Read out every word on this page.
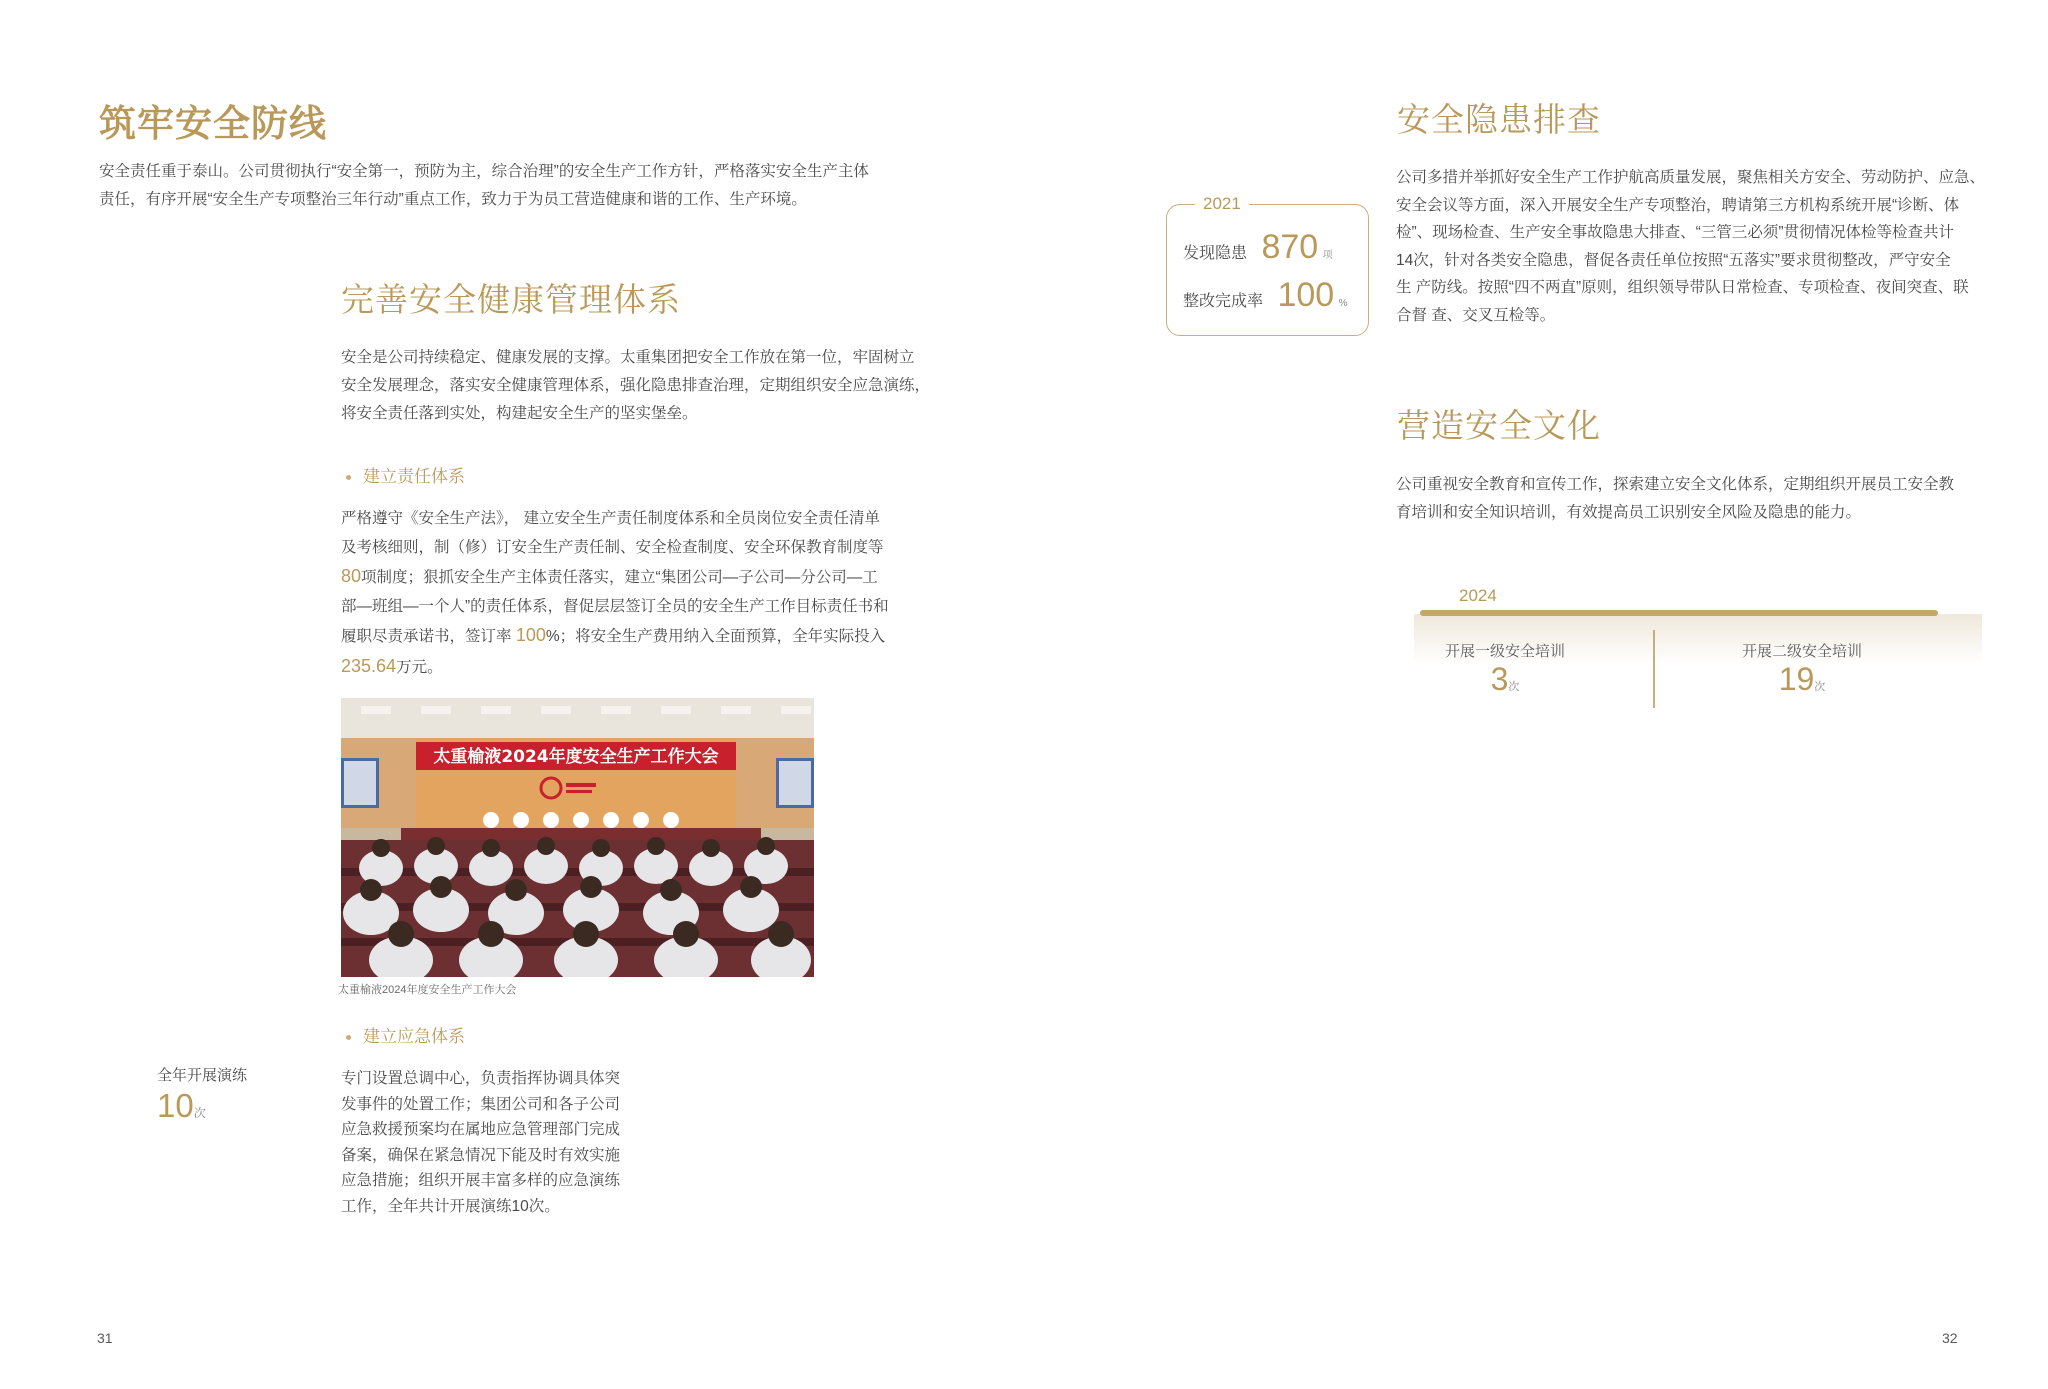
筑牢安全防线
安全责任重于泰山。公司贯彻执行“安全第一，预防为主，综合治理”的安全生产工作方针，严格落实安全生产主体
责任，有序开展“安全生产专项整治三年行动”重点工作，致力于为员工营造健康和谐的工作、生产环境。
完善安全健康管理体系
安全是公司持续稳定、健康发展的支撑。太重集团把安全工作放在第一位，牢固树立
安全发展理念，落实安全健康管理体系，强化隐患排查治理，定期组织安全应急演练，
将安全责任落到实处，构建起安全生产的坚实堡垒。
建立责任体系
严格遵守《安全生产法》， 建立安全生产责任制度体系和全员岗位安全责任清单
及考核细则，制（修）订安全生产责任制、安全检查制度、安全环保教育制度等
80项制度；狠抓安全生产主体责任落实，建立“集团公司—子公司—分公司—工
部—班组—一个人”的责任体系，督促层层签订全员的安全生产工作目标责任书和
履职尽责承诺书，签订率 100%；将安全生产费用纳入全面预算，全年实际投入
235.64万元。
太重榆液2024年度安全生产工作大会
太重榆液2024年度安全生产工作大会
建立应急体系
全年开展演练
10次
专门设置总调中心，负责指挥协调具体突
发事件的处置工作；集团公司和各子公司
应急救援预案均在属地应急管理部门完成
备案，确保在紧急情况下能及时有效实施
应急措施；组织开展丰富多样的应急演练
工作，全年共计开展演练10次。
31
安全隐患排查
2021
发现隐患 870 项
整改完成率 100 %
公司多措并举抓好安全生产工作护航高质量发展，聚焦相关方安全、劳动防护、应急、
安全会议等方面，深入开展安全生产专项整治，聘请第三方机构系统开展“诊断、体
检”、现场检查、生产安全事故隐患大排查、“三管三必须”贯彻情况体检等检查共计
14次，针对各类安全隐患，督促各责任单位按照“五落实”要求贯彻整改，严守安全
生 产防线。按照“四不两直”原则，组织领导带队日常检查、专项检查、夜间突查、联
合督 查、交叉互检等。
营造安全文化
公司重视安全教育和宣传工作，探索建立安全文化体系，定期组织开展员工安全教
育培训和安全知识培训，有效提高员工识别安全风险及隐患的能力。
2024
开展一级安全培训
3次
开展二级安全培训
19次
32
